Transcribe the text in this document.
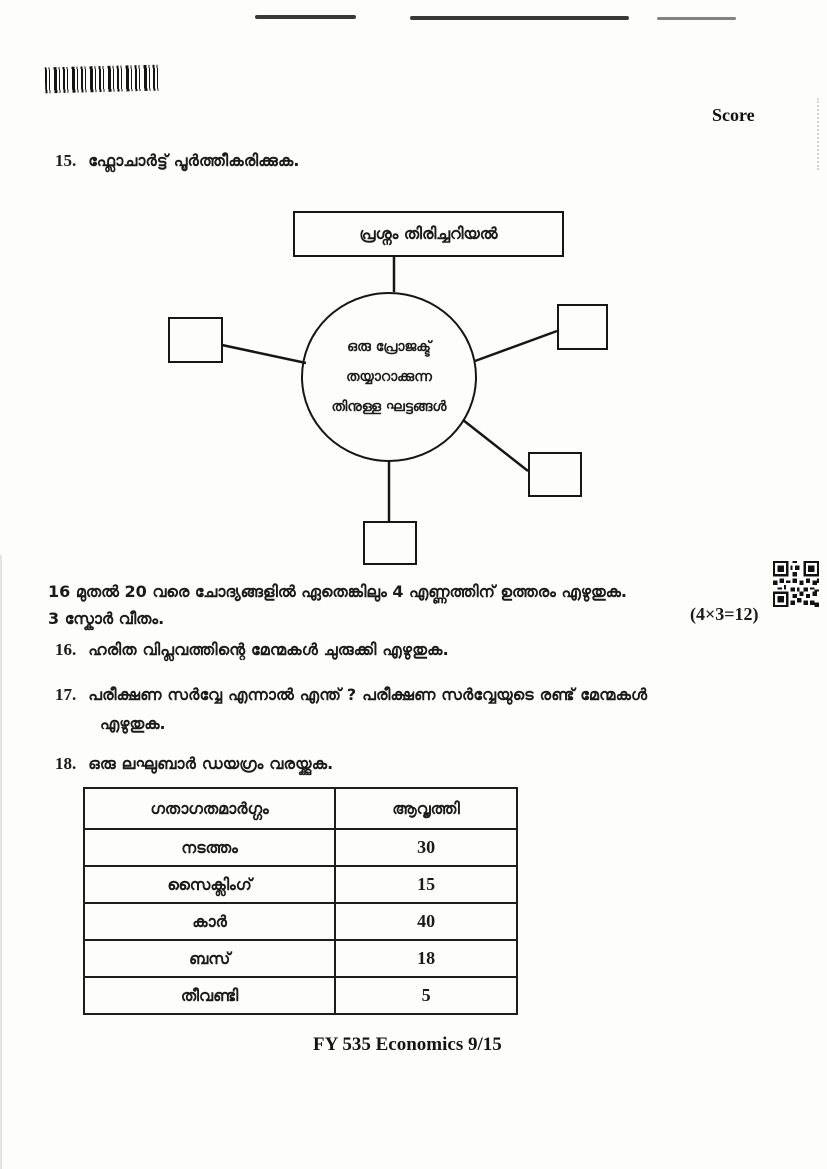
Score
15. ഫ്ലോചാർട്ട് പൂർത്തീകരിക്കുക.
പ്രശ്നം തിരിച്ചറിയൽ
ഒരു പ്രോജക്ട്
തയ്യാറാക്കുന്ന
തിനുള്ള ഘട്ടങ്ങൾ
16 മുതൽ 20 വരെ ചോദ്യങ്ങളിൽ ഏതെങ്കിലും 4 എണ്ണത്തിന് ഉത്തരം എഴുതുക.
3 സ്കോർ വീതം.	(4×3=12)
16. ഹരിത വിപ്ലവത്തിന്റെ മേന്മകൾ ചുരുക്കി എഴുതുക.
17. പരീക്ഷണ സർവ്വേ എന്നാൽ എന്ത് ? പരീക്ഷണ സർവ്വേയുടെ രണ്ട് മേന്മകൾ
എഴുതുക.
18. ഒരു ലഘുബാർ ഡയഗ്രം വരയ്ക്കുക.
ഗതാഗതമാർഗ്ഗം	ആവൃത്തി
നടത്തം	30
സൈക്ലിംഗ്	15
കാർ	40
ബസ്	18
തീവണ്ടി	5
FY 535 Economics 9/15
